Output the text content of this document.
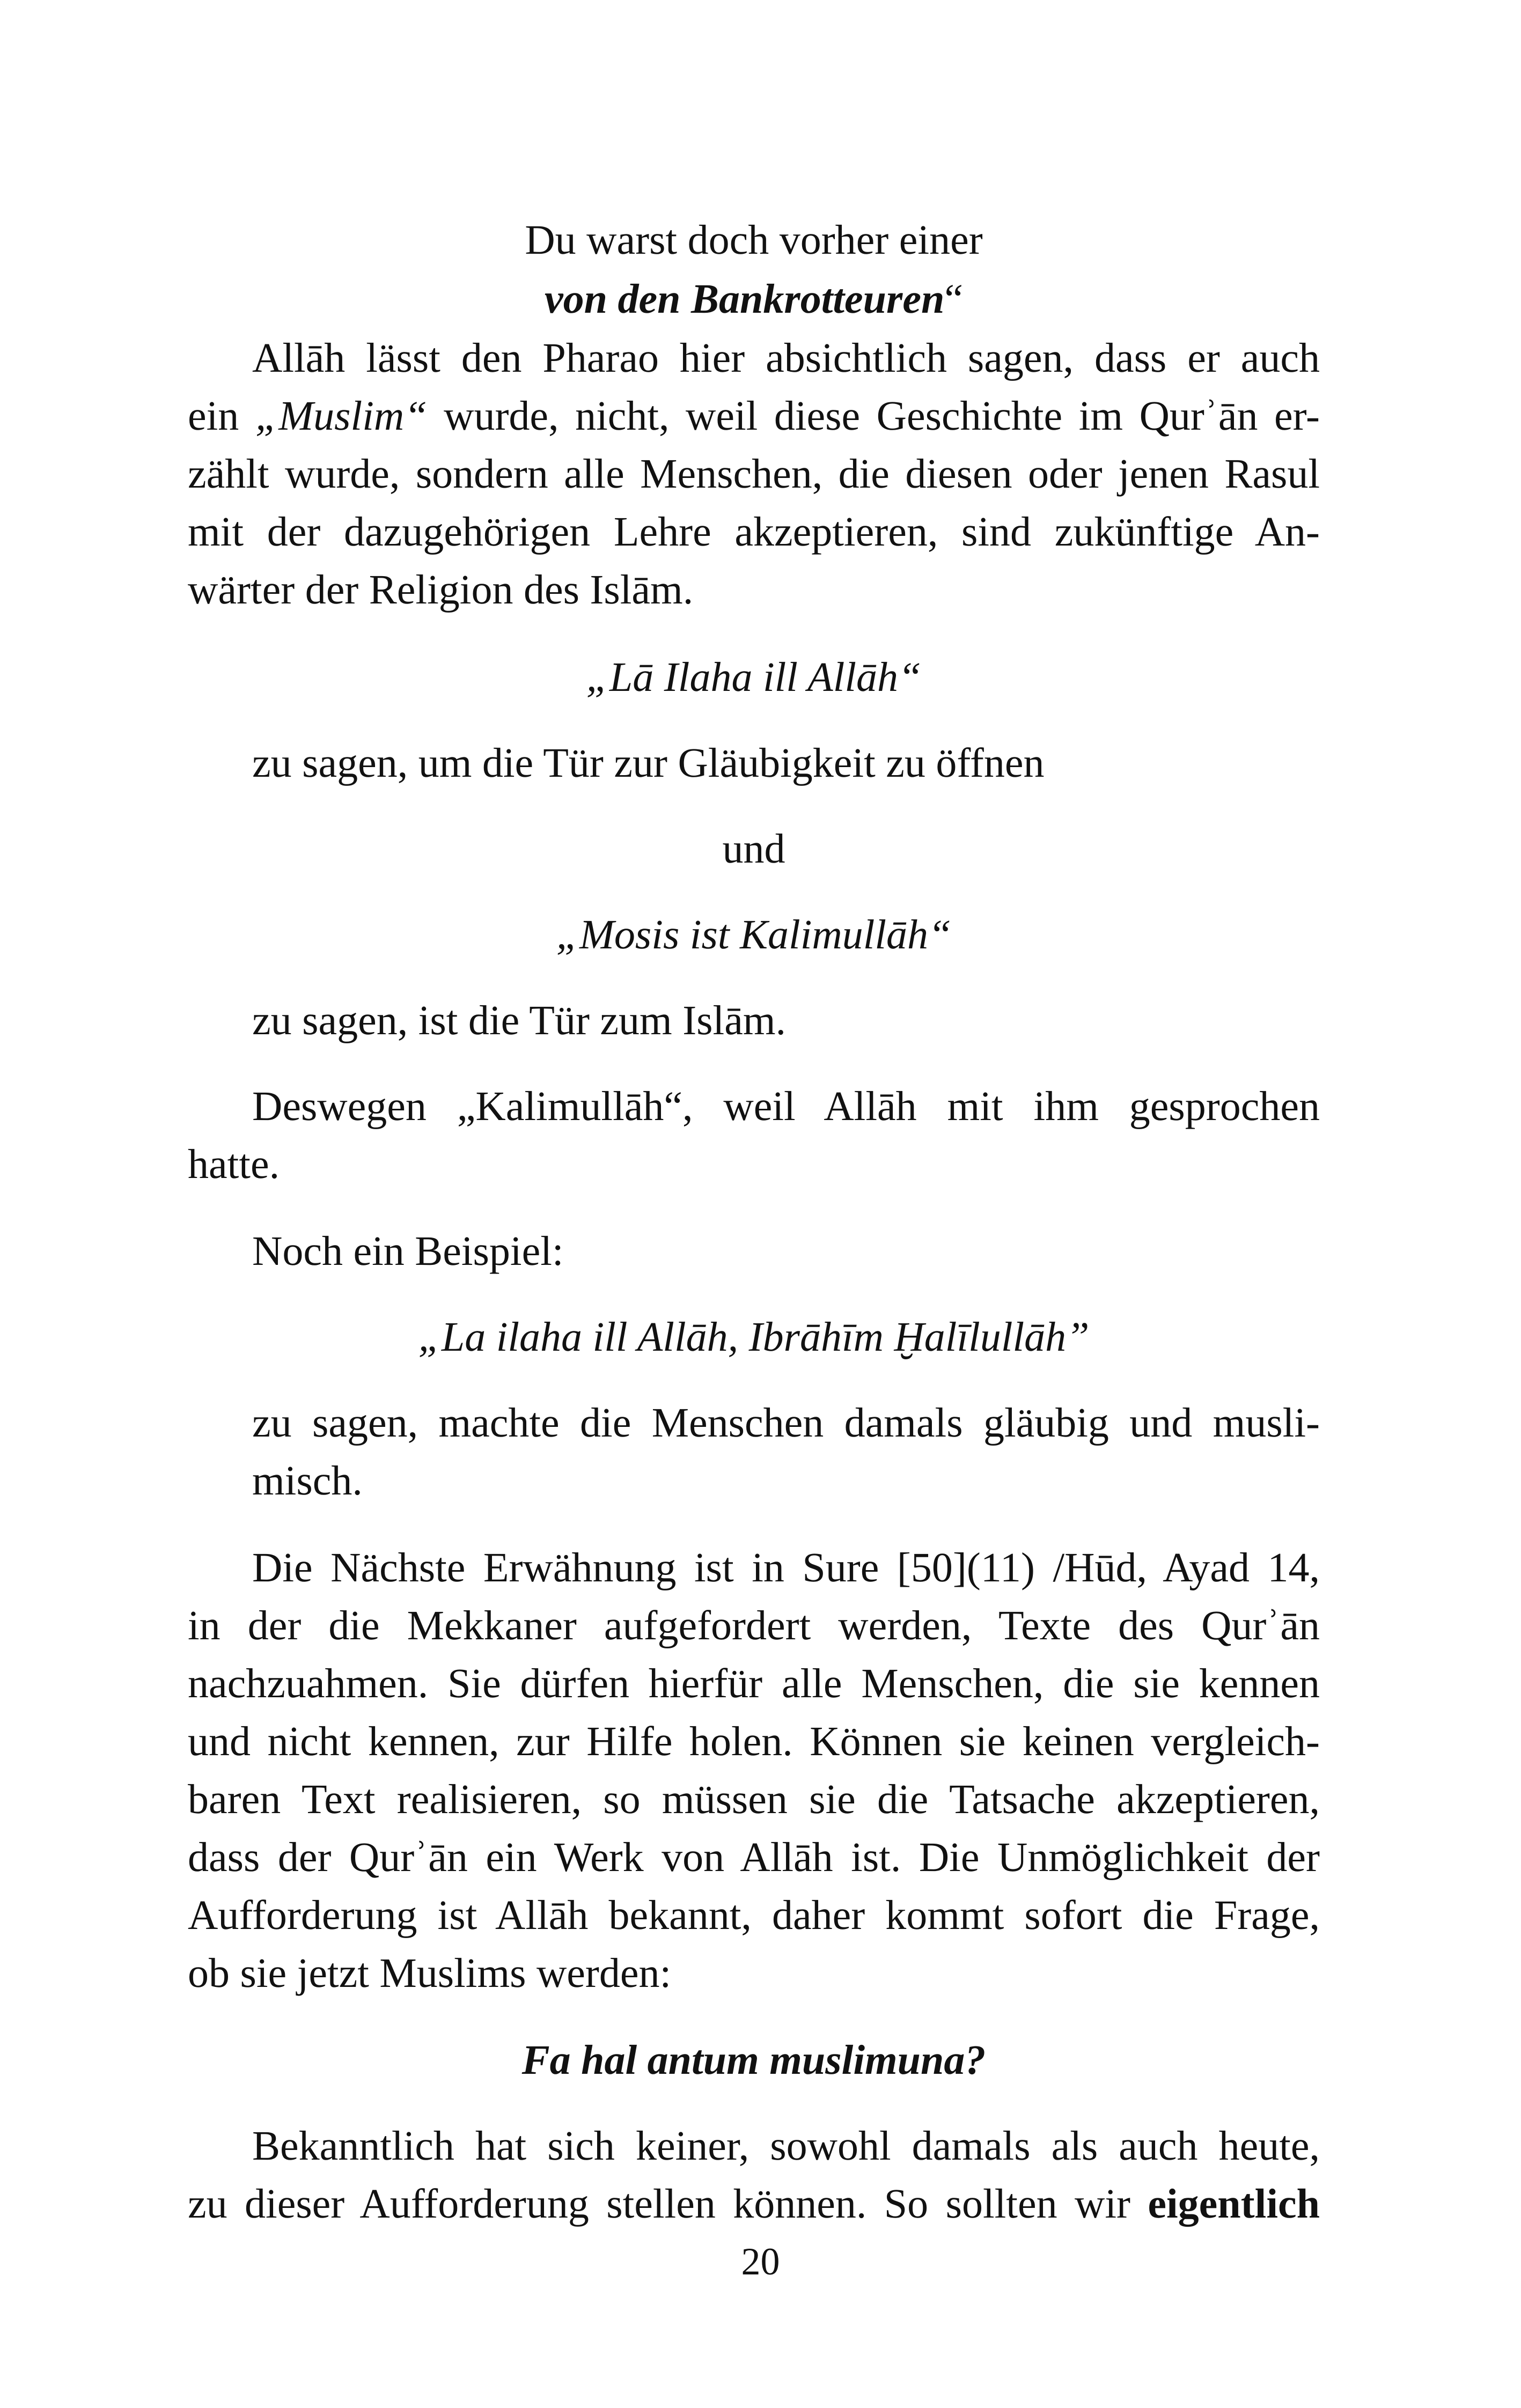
Du warst doch vorher einer
von den Bankrotteuren“
Allāh lässt den Pharao hier absichtlich sagen, dass er auch
ein „Muslim“ wurde, nicht, weil diese Geschichte im Qurʾān er-
zählt wurde, sondern alle Menschen, die diesen oder jenen Rasul
mit der dazugehörigen Lehre akzeptieren, sind zukünftige An-
wärter der Religion des Islām.
„Lā Ilaha ill Allāh“
zu sagen, um die Tür zur Gläubigkeit zu öffnen
und
„Mosis ist Kalimullāh“
zu sagen, ist die Tür zum Islām.
Deswegen „Kalimullāh“, weil Allāh mit ihm gesprochen
hatte.
Noch ein Beispiel:
„La ilaha ill Allāh, Ibrāhīm Ḫalīlullāh”
zu sagen, machte die Menschen damals gläubig und musli-
misch.
Die Nächste Erwähnung ist in Sure [50](11) /Hūd, Ayad 14,
in der die Mekkaner aufgefordert werden, Texte des Qurʾān
nachzuahmen. Sie dürfen hierfür alle Menschen, die sie kennen
und nicht kennen, zur Hilfe holen. Können sie keinen vergleich-
baren Text realisieren, so müssen sie die Tatsache akzeptieren,
dass der Qurʾān ein Werk von Allāh ist. Die Unmöglichkeit der
Aufforderung ist Allāh bekannt, daher kommt sofort die Frage,
ob sie jetzt Muslims werden:
Fa hal antum muslimuna?
Bekanntlich hat sich keiner, sowohl damals als auch heute,
zu dieser Aufforderung stellen können. So sollten wir eigentlich
20
